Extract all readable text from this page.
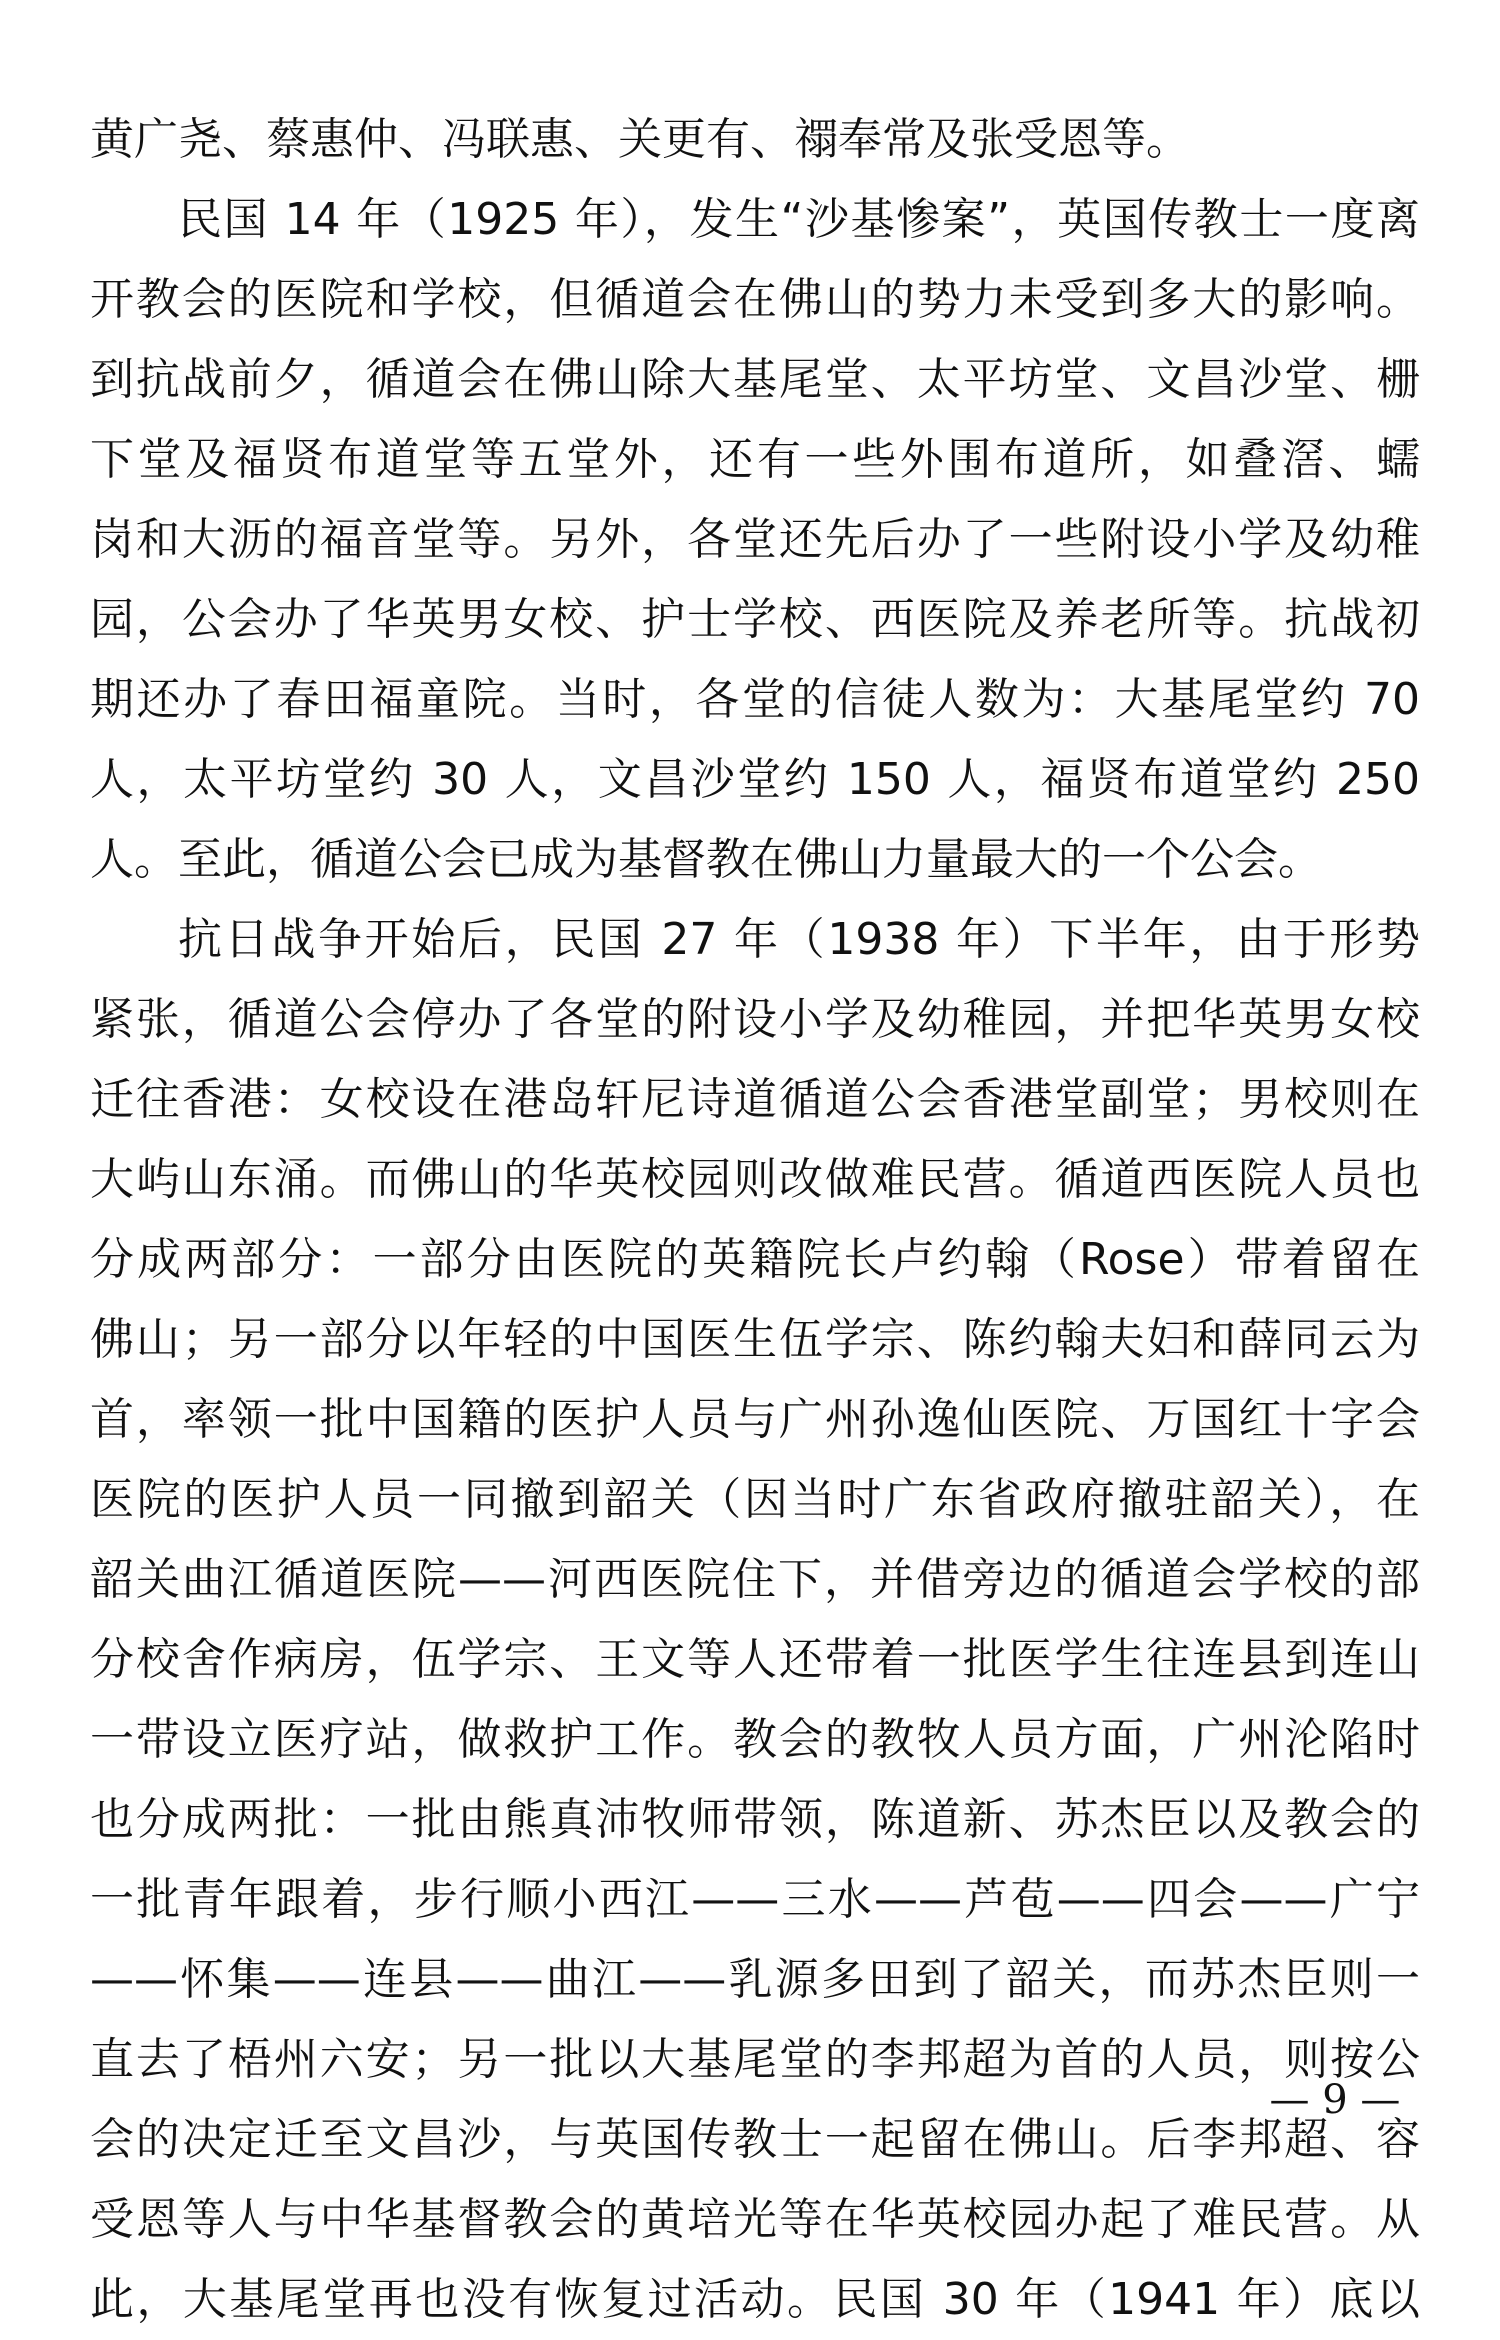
黄广尧、蔡惠仲、冯联惠、关更有、禤奉常及张受恩等。
民国 14 年（1925 年），发生“沙基惨案”，英国传教士一度离
开教会的医院和学校，但循道会在佛山的势力未受到多大的影响。
到抗战前夕，循道会在佛山除大基尾堂、太平坊堂、文昌沙堂、栅
下堂及福贤布道堂等五堂外，还有一些外围布道所，如叠滘、蠕
岗和大沥的福音堂等。另外，各堂还先后办了一些附设小学及幼稚
园，公会办了华英男女校、护士学校、西医院及养老所等。抗战初
期还办了春田福童院。当时，各堂的信徒人数为：大基尾堂约 70
人，太平坊堂约 30 人，文昌沙堂约 150 人，福贤布道堂约 250
人。至此，循道公会已成为基督教在佛山力量最大的一个公会。
抗日战争开始后，民国 27 年（1938 年）下半年，由于形势
紧张，循道公会停办了各堂的附设小学及幼稚园，并把华英男女校
迁往香港：女校设在港岛轩尼诗道循道公会香港堂副堂；男校则在
大屿山东涌。而佛山的华英校园则改做难民营。循道西医院人员也
分成两部分：一部分由医院的英籍院长卢约翰（Rose）带着留在
佛山；另一部分以年轻的中国医生伍学宗、陈约翰夫妇和薛同云为
首，率领一批中国籍的医护人员与广州孙逸仙医院、万国红十字会
医院的医护人员一同撤到韶关（因当时广东省政府撤驻韶关），在
韶关曲江循道医院——河西医院住下，并借旁边的循道会学校的部
分校舍作病房，伍学宗、王文等人还带着一批医学生往连县到连山
一带设立医疗站，做救护工作。教会的教牧人员方面，广州沦陷时
也分成两批：一批由熊真沛牧师带领，陈道新、苏杰臣以及教会的
一批青年跟着，步行顺小西江——三水——芦苞——四会——广宁
——怀集——连县——曲江——乳源多田到了韶关，而苏杰臣则一
直去了梧州六安；另一批以大基尾堂的李邦超为首的人员，则按公
会的决定迁至文昌沙，与英国传教士一起留在佛山。后李邦超、容
受恩等人与中华基督教会的黄培光等在华英校园办起了难民营。从
此，大基尾堂再也没有恢复过活动。民国 30 年（1941 年）底以
— 9 —
